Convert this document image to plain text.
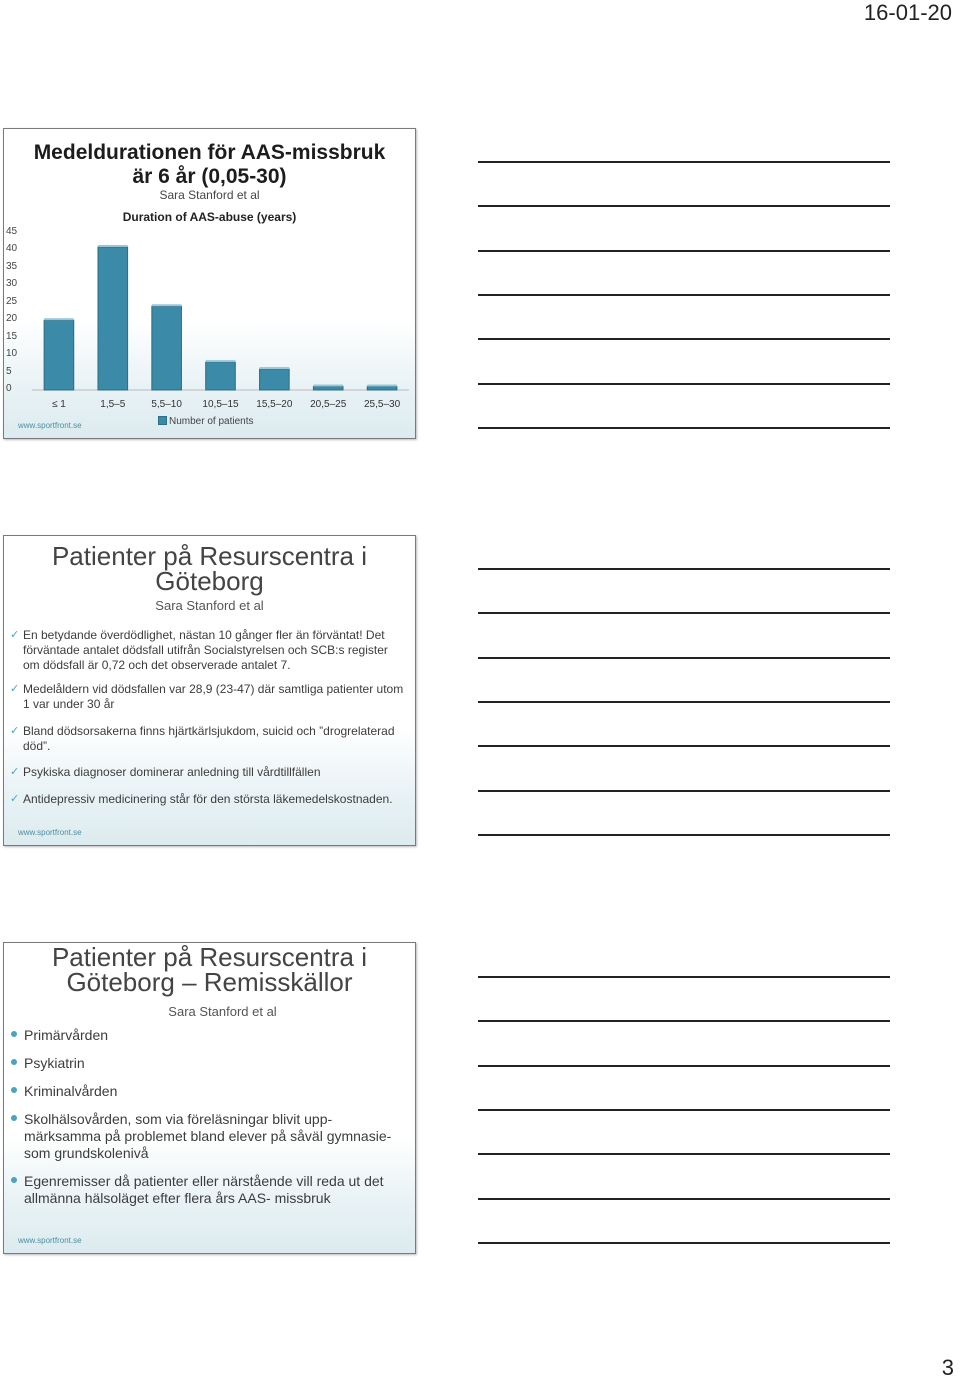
16-01-20
Medeldurationen för AAS-missbruk
är 6 år (0,05-30)
Sara Stanford et al
Duration of AAS-abuse (years)
≤ 1	1,5–5	5,5–10 10,5–15 15,5–20 20,5–25 25,5–30
Number of patients
www.sportfront.se
Patienter på Resurscentra i
Göteborg
Sara Stanford et al
✓ En betydande överdödlighet, nästan 10 gånger fler än förväntat! Det förväntade antalet dödsfall utifrån Socialstyrelsen och SCB:s register om dödsfall är 0,72 och det observerade antalet 7.
✓ Medelåldern vid dödsfallen var 28,9 (23-47) där samtliga patienter utom 1 var under 30 år
✓ Bland dödsorsakerna finns hjärtkärlsjukdom, suicid och ”drogrelaterad död”.
✓ Psykiska diagnoser dominerar anledning till vårdtillfällen
✓ Antidepressiv medicinering står för den största läkemedelskostnaden.
www.sportfront.se
Patienter på Resurscentra i
Göteborg – Remisskällor
Sara Stanford et al
Primärvården
Psykiatrin
Kriminalvården
Skolhälsovården, som via föreläsningar blivit upp- märksamma på problemet bland elever på såväl gymnasie- som grundskolenivå
Egenremisser då patienter eller närstående vill reda ut det allmänna hälsoläget efter flera års AAS- missbruk
www.sportfront.se
3
0
5
10
15
20
25
30
35
40
45
